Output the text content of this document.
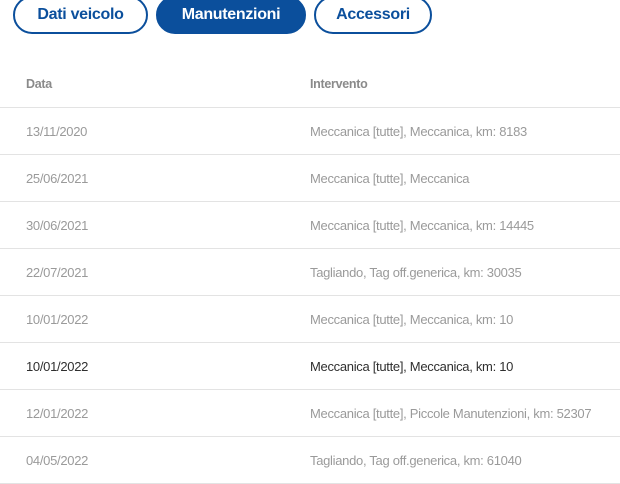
Dati veicolo	Manutenzioni	Accessori
Data	Intervento
13/11/2020	Meccanica [tutte], Meccanica, km: 8183
25/06/2021	Meccanica [tutte], Meccanica
30/06/2021	Meccanica [tutte], Meccanica, km: 14445
22/07/2021	Tagliando, Tag off.generica, km: 30035
10/01/2022	Meccanica [tutte], Meccanica, km: 10
10/01/2022	Meccanica [tutte], Meccanica, km: 10
12/01/2022	Meccanica [tutte], Piccole Manutenzioni, km: 52307
04/05/2022	Tagliando, Tag off.generica, km: 61040
